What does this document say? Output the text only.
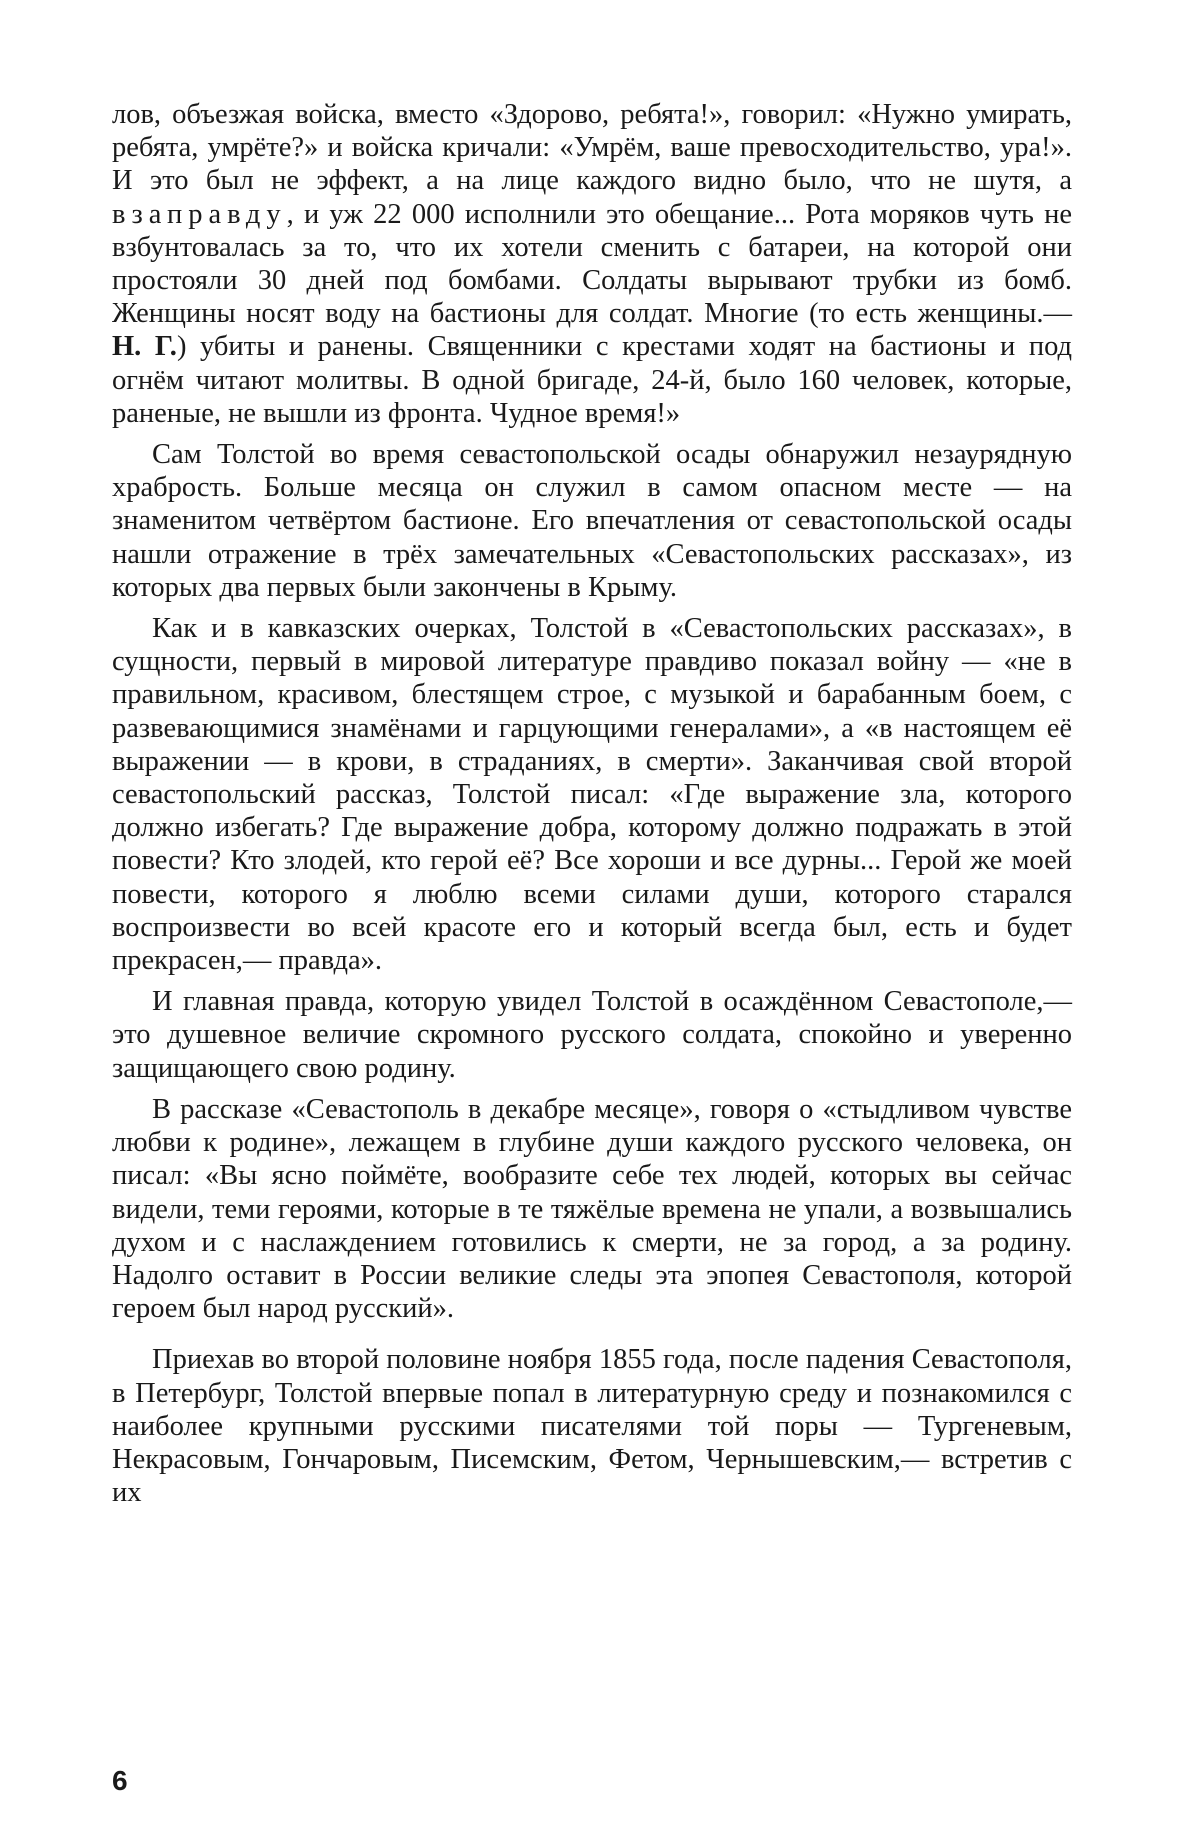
лов, объезжая войска, вместо «Здорово, ребята!», говорил: «Нужно умирать, ребята, умрёте?» и войска кричали: «Умрём, ваше превосходительство, ура!». И это был не эффект, а на лице каждого видно было, что не шутя, а взаправду, и уж 22 000 исполнили это обещание... Рота моряков чуть не взбунтовалась за то, что их хотели сменить с батареи, на которой они простояли 30 дней под бомбами. Солдаты вырывают трубки из бомб. Женщины носят воду на бастионы для солдат. Многие (то есть женщины.— Н. Г.) убиты и ранены. Священники с крестами ходят на бастионы и под огнём читают молитвы. В одной бригаде, 24-й, было 160 человек, которые, раненые, не вышли из фронта. Чудное время!»

Сам Толстой во время севастопольской осады обнаружил незаурядную храбрость. Больше месяца он служил в самом опасном месте — на знаменитом четвёртом бастионе. Его впечатления от севастопольской осады нашли отражение в трёх замечательных «Севастопольских рассказах», из которых два первых были закончены в Крыму.

Как и в кавказских очерках, Толстой в «Севастопольских рассказах», в сущности, первый в мировой литературе правдиво показал войну — «не в правильном, красивом, блестящем строе, с музыкой и барабанным боем, с развевающимися знамёнами и гарцующими генералами», а «в настоящем её выражении — в крови, в страданиях, в смерти». Заканчивая свой второй севастопольский рассказ, Толстой писал: «Где выражение зла, которого должно избегать? Где выражение добра, которому должно подражать в этой повести? Кто злодей, кто герой её? Все хороши и все дурны... Герой же моей повести, которого я люблю всеми силами души, которого старался воспроизвести во всей красоте его и который всегда был, есть и будет прекрасен,— правда».

И главная правда, которую увидел Толстой в осаждённом Севастополе,— это душевное величие скромного русского солдата, спокойно и уверенно защищающего свою родину.

В рассказе «Севастополь в декабре месяце», говоря о «стыдливом чувстве любви к родине», лежащем в глубине души каждого русского человека, он писал: «Вы ясно поймёте, вообразите себе тех людей, которых вы сейчас видели, теми героями, которые в те тяжёлые времена не упали, а возвышались духом и с наслаждением готовились к смерти, не за город, а за родину. Надолго оставит в России великие следы эта эпопея Севастополя, которой героем был народ русский».

Приехав во второй половине ноября 1855 года, после падения Севастополя, в Петербург, Толстой впервые попал в литературную среду и познакомился с наиболее крупными русскими писателями той поры — Тургеневым, Некрасовым, Гончаровым, Писемским, Фетом, Чернышевским,— встретив с их

6
